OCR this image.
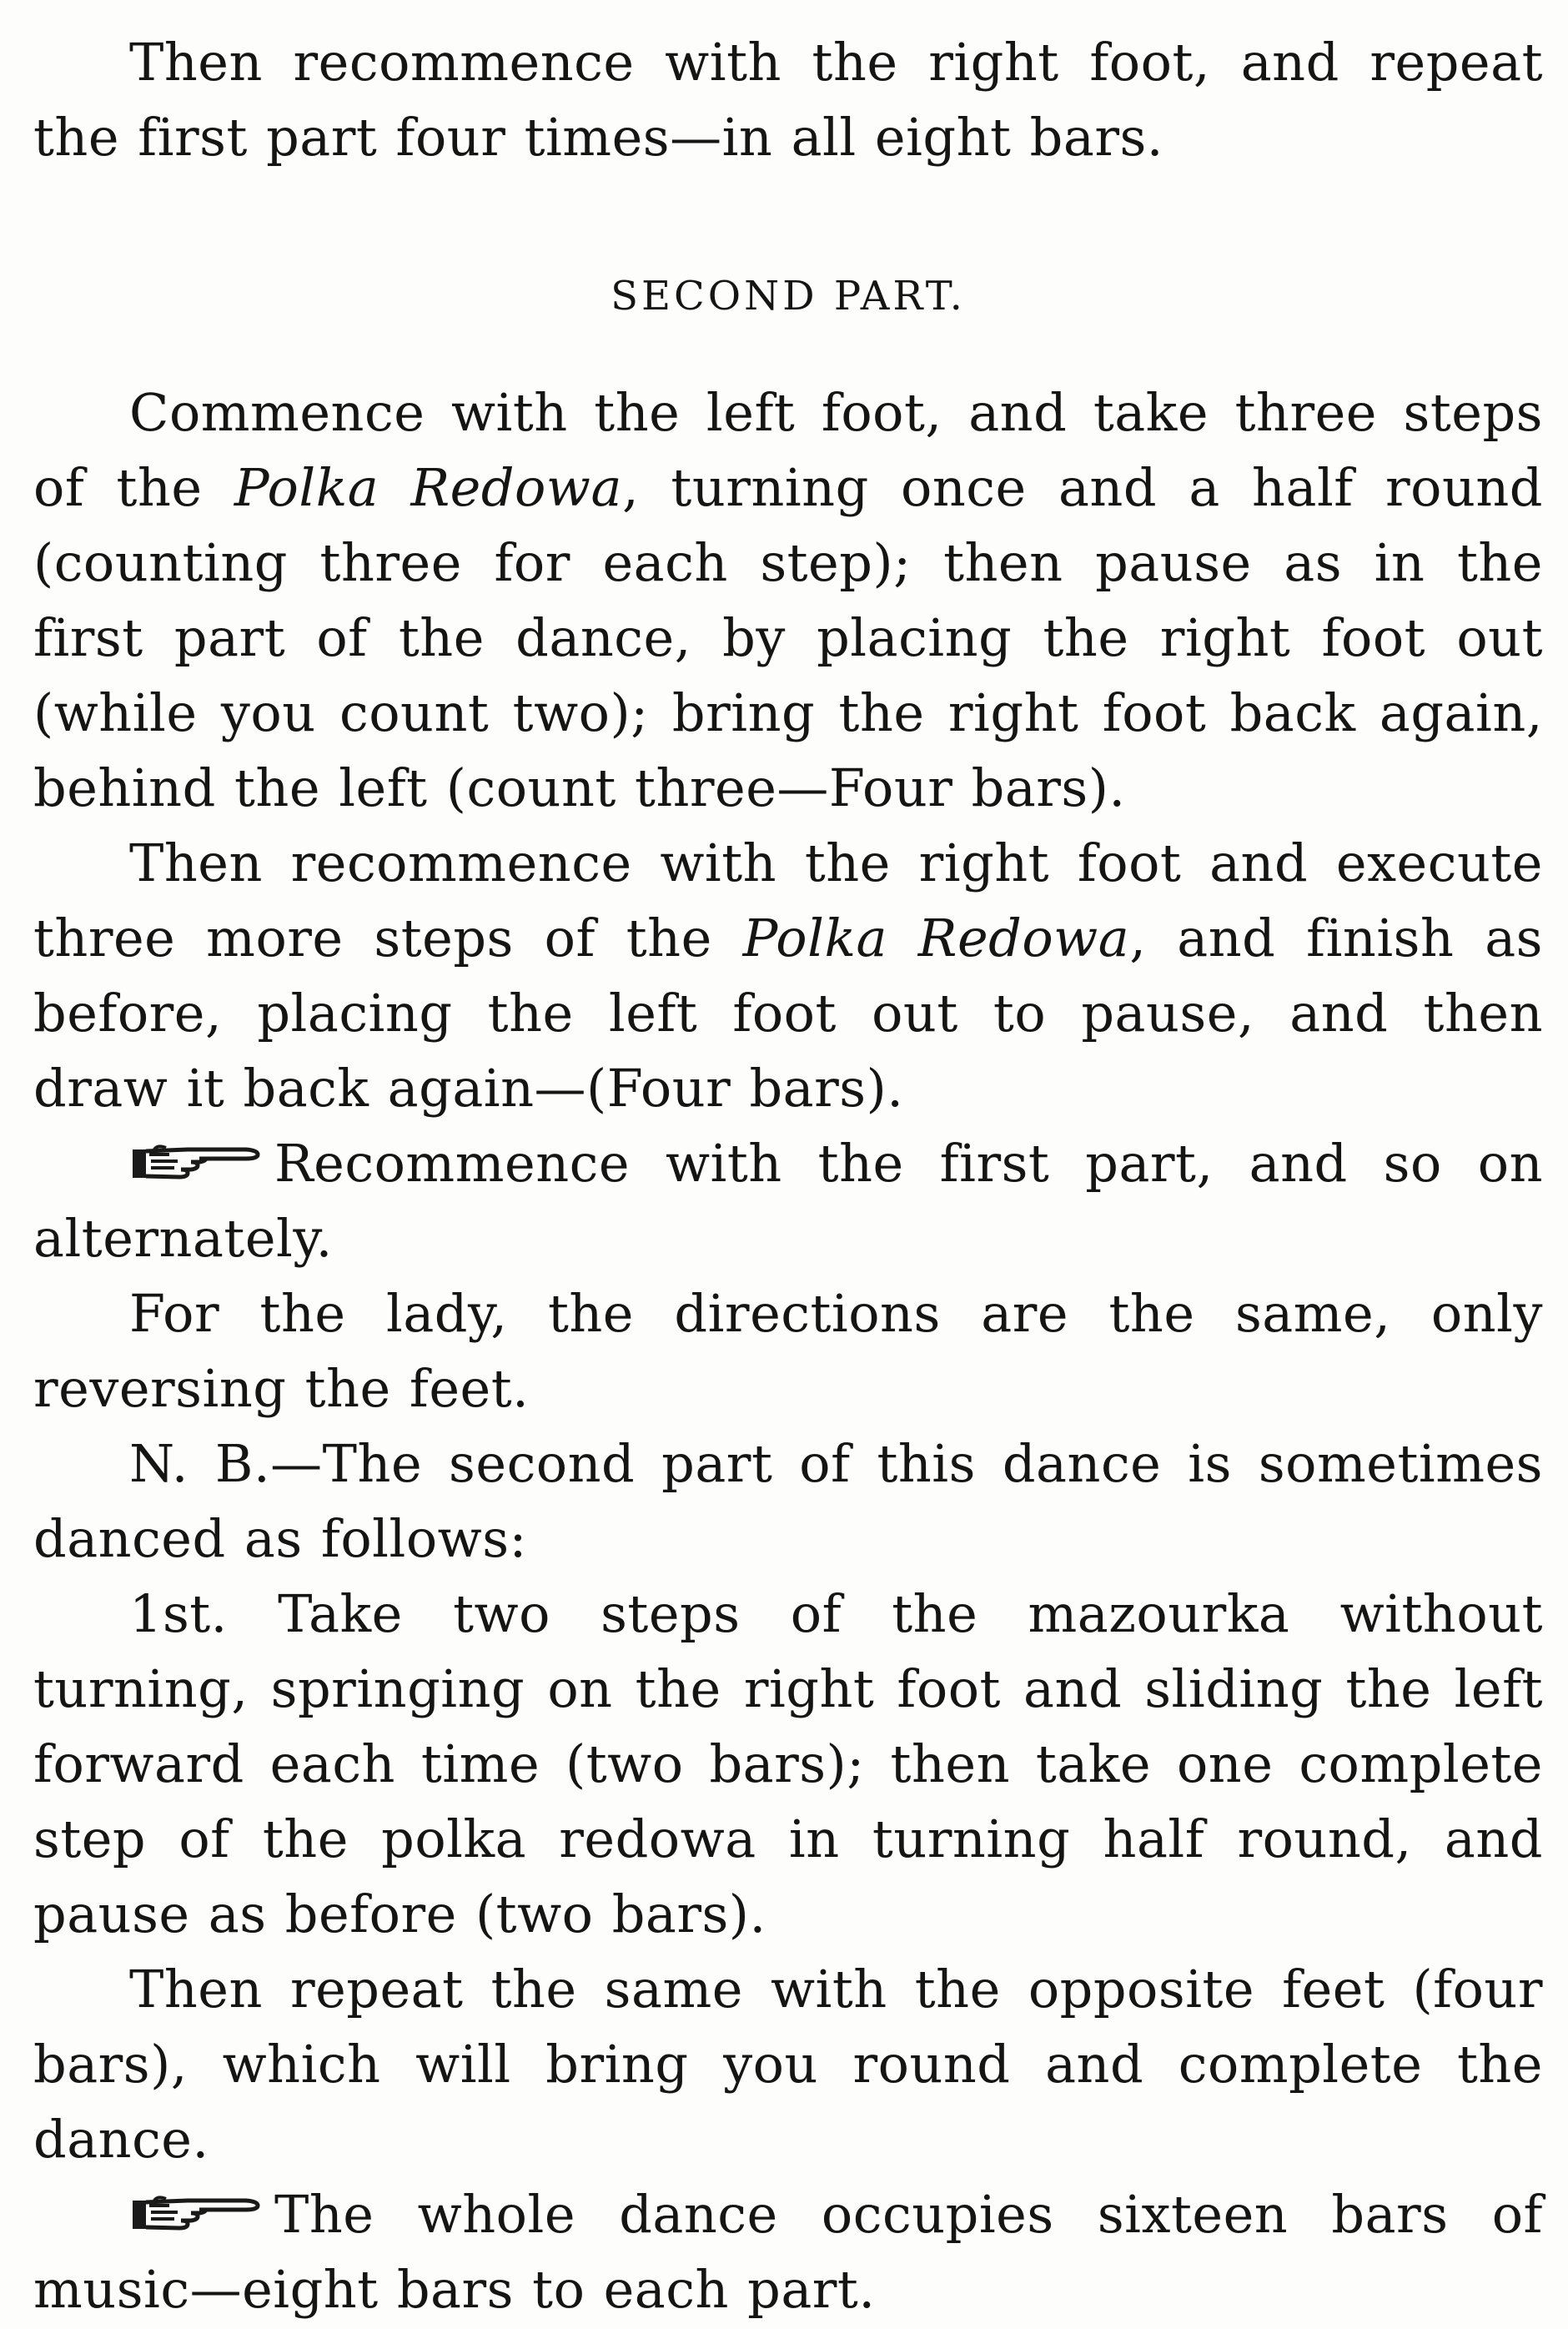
Then recommence with the right foot, and repeat the first part four times—in all eight bars.

SECOND PART.

Commence with the left foot, and take three steps of the Polka Redowa, turning once and a half round (counting three for each step); then pause as in the first part of the dance, by placing the right foot out (while you count two); bring the right foot back again, behind the left (count three—Four bars).

Then recommence with the right foot and execute three more steps of the Polka Redowa, and finish as before, placing the left foot out to pause, and then draw it back again—(Four bars).

Recommence with the first part, and so on alternately.

For the lady, the directions are the same, only reversing the feet.

N. B.—The second part of this dance is sometimes danced as follows:

1st. Take two steps of the mazourka without turning, springing on the right foot and sliding the left forward each time (two bars); then take one complete step of the polka redowa in turning half round, and pause as before (two bars).

Then repeat the same with the opposite feet (four bars), which will bring you round and complete the dance.

The whole dance occupies sixteen bars of music—eight bars to each part.
